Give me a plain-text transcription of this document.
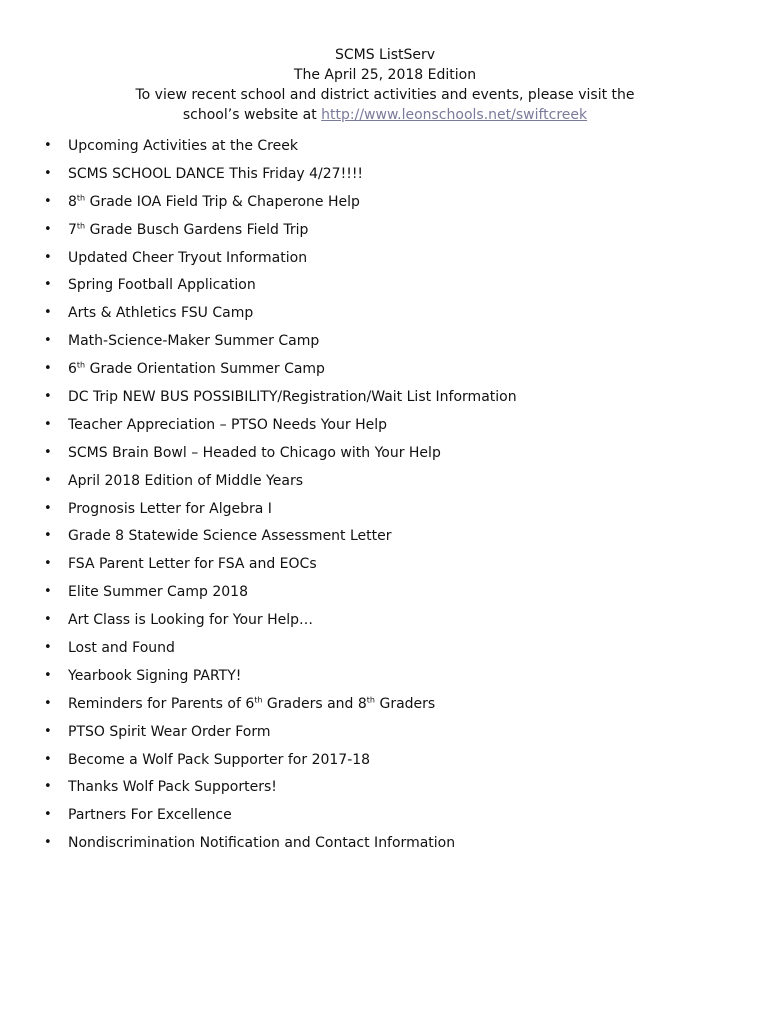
SCMS ListServ
The April 25, 2018 Edition
To view recent school and district activities and events, please visit the
school’s website at http://www.leonschools.net/swiftcreek
• Upcoming Activities at the Creek
• SCMS SCHOOL DANCE This Friday 4/27!!!!
• 8th Grade IOA Field Trip & Chaperone Help
• 7th Grade Busch Gardens Field Trip
• Updated Cheer Tryout Information
• Spring Football Application
• Arts & Athletics FSU Camp
• Math-Science-Maker Summer Camp
• 6th Grade Orientation Summer Camp
• DC Trip NEW BUS POSSIBILITY/Registration/Wait List Information
• Teacher Appreciation – PTSO Needs Your Help
• SCMS Brain Bowl – Headed to Chicago with Your Help
• April 2018 Edition of Middle Years
• Prognosis Letter for Algebra I
• Grade 8 Statewide Science Assessment Letter
• FSA Parent Letter for FSA and EOCs
• Elite Summer Camp 2018
• Art Class is Looking for Your Help…
• Lost and Found
• Yearbook Signing PARTY!
• Reminders for Parents of 6th Graders and 8th Graders
• PTSO Spirit Wear Order Form
• Become a Wolf Pack Supporter for 2017-18
• Thanks Wolf Pack Supporters!
• Partners For Excellence
• Nondiscrimination Notification and Contact Information
